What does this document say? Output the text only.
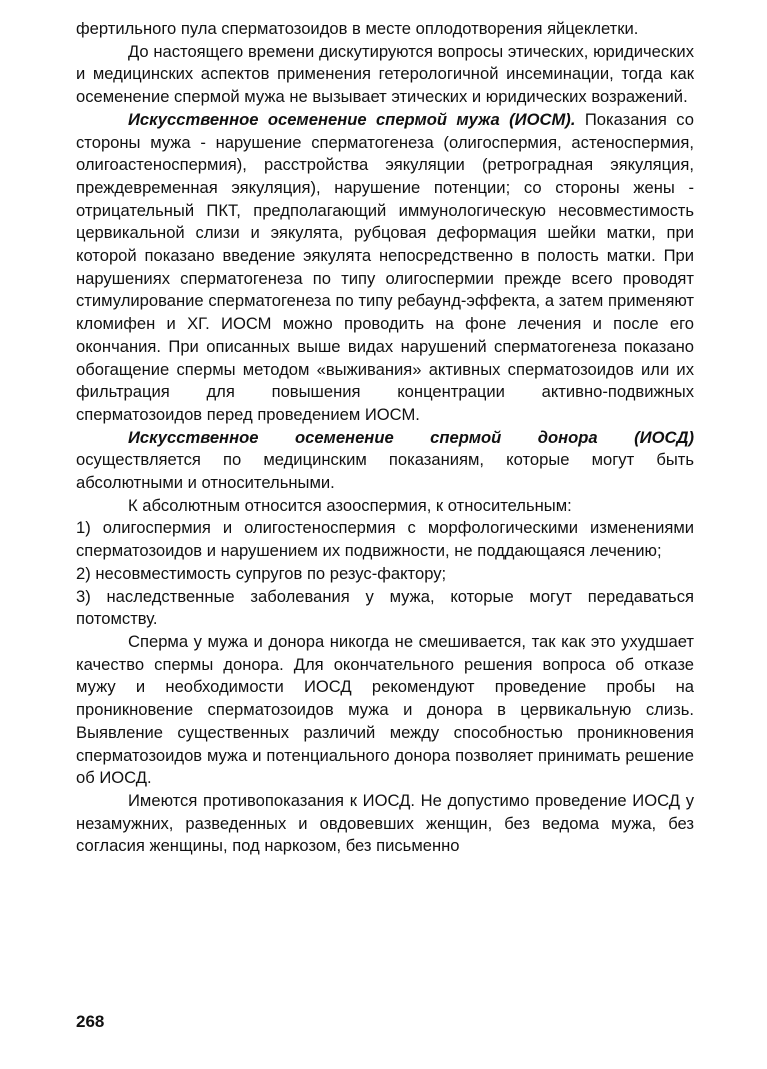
фертильного пула сперматозоидов в месте оплодотворения яйцеклетки.

До настоящего времени дискутируются вопросы этических, юридических и медицинских аспектов применения гетерологичной инсеминации, тогда как осеменение спермой мужа не вызывает этических и юридических возражений.

Искусственное осеменение спермой мужа (ИОСМ). Показания со стороны мужа - нарушение сперматогенеза (олигоспермия, астеноспермия, олигоастеноспермия), расстройства эякуляции (ретроградная эякуляция, преждевременная эякуляция), нарушение потенции; со стороны жены - отрицательный ПКТ, предполагающий иммунологическую несовместимость цервикальной слизи и эякулята, рубцовая деформация шейки матки, при которой показано введение эякулята непосредственно в полость матки. При нарушениях сперматогенеза по типу олигоспермии прежде всего проводят стимулирование сперматогенеза по типу ребаунд-эффекта, а затем применяют кломифен и ХГ. ИОСМ можно проводить на фоне лечения и после его окончания. При описанных выше видах нарушений сперматогенеза показано обогащение спермы методом «выживания» активных сперматозоидов или их фильтрация для повышения концентрации активно-подвижных сперматозоидов перед проведением ИОСМ.

Искусственное осеменение спермой донора (ИОСД) осуществляется по медицинским показаниям, которые могут быть абсолютными и относительными.

К абсолютным относится азооспермия, к относительным:

1) олигоспермия и олигостеноспермия с морфологическими изменениями сперматозоидов и нарушением их подвижности, не поддающаяся лечению;

2) несовместимость супругов по резус-фактору;

3) наследственные заболевания у мужа, которые могут передаваться потомству.

Сперма у мужа и донора никогда не смешивается, так как это ухудшает качество спермы донора. Для окончательного решения вопроса об отказе мужу и необходимости ИОСД рекомендуют проведение пробы на проникновение сперматозоидов мужа и донора в цервикальную слизь. Выявление существенных различий между способностью проникновения сперматозоидов мужа и потенциального донора позволяет принимать решение об ИОСД.

Имеются противопоказания к ИОСД. Не допустимо проведение ИОСД у незамужних, разведенных и овдовевших женщин, без ведома мужа, без согласия женщины, под наркозом, без письменно

268
